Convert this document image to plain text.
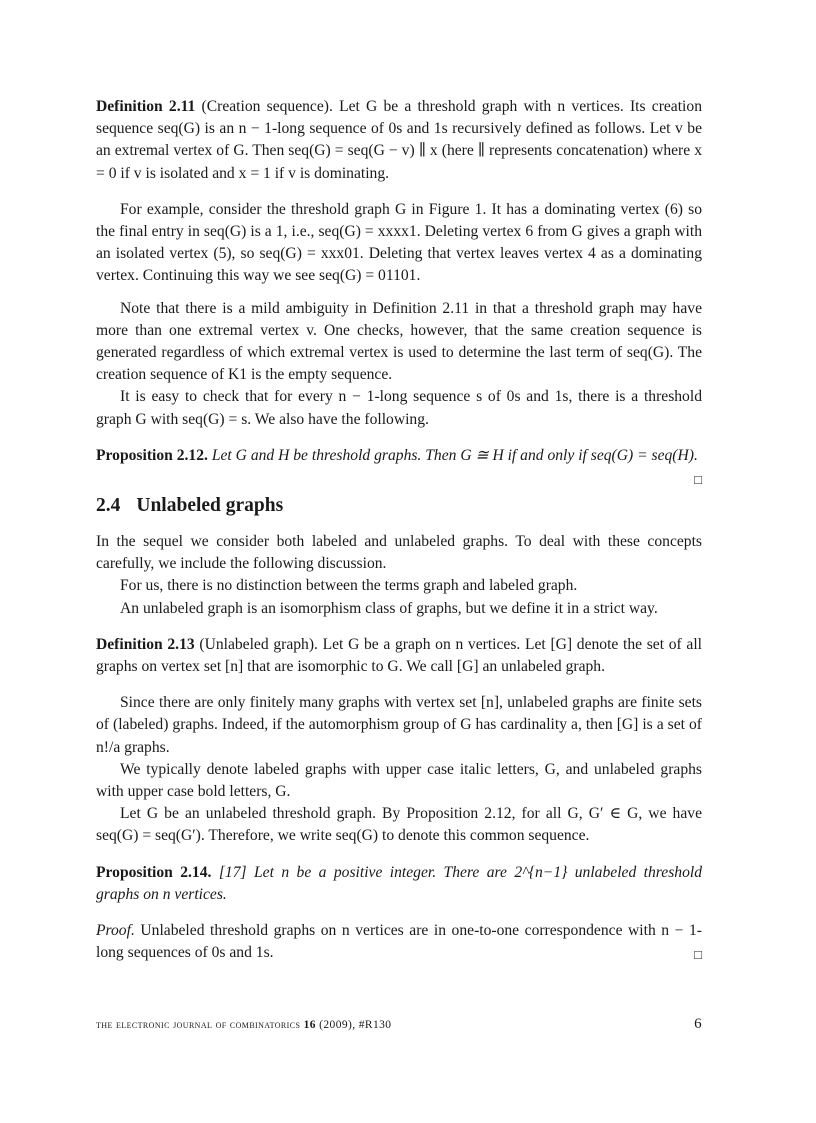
Definition 2.11 (Creation sequence). Let G be a threshold graph with n vertices. Its creation sequence seq(G) is an n − 1-long sequence of 0s and 1s recursively defined as follows. Let v be an extremal vertex of G. Then seq(G) = seq(G − v) ∥ x (here ∥ represents concatenation) where x = 0 if v is isolated and x = 1 if v is dominating.

For example, consider the threshold graph G in Figure 1. It has a dominating vertex (6) so the final entry in seq(G) is a 1, i.e., seq(G) = xxxx1. Deleting vertex 6 from G gives a graph with an isolated vertex (5), so seq(G) = xxx01. Deleting that vertex leaves vertex 4 as a dominating vertex. Continuing this way we see seq(G) = 01101.

Note that there is a mild ambiguity in Definition 2.11 in that a threshold graph may have more than one extremal vertex v. One checks, however, that the same creation sequence is generated regardless of which extremal vertex is used to determine the last term of seq(G). The creation sequence of K1 is the empty sequence.

It is easy to check that for every n − 1-long sequence s of 0s and 1s, there is a threshold graph G with seq(G) = s. We also have the following.

Proposition 2.12. Let G and H be threshold graphs. Then G ≅ H if and only if seq(G) = seq(H).
□

2.4 Unlabeled graphs

In the sequel we consider both labeled and unlabeled graphs. To deal with these concepts carefully, we include the following discussion.

For us, there is no distinction between the terms graph and labeled graph.

An unlabeled graph is an isomorphism class of graphs, but we define it in a strict way.

Definition 2.13 (Unlabeled graph). Let G be a graph on n vertices. Let [G] denote the set of all graphs on vertex set [n] that are isomorphic to G. We call [G] an unlabeled graph.

Since there are only finitely many graphs with vertex set [n], unlabeled graphs are finite sets of (labeled) graphs. Indeed, if the automorphism group of G has cardinality a, then [G] is a set of n!/a graphs.

We typically denote labeled graphs with upper case italic letters, G, and unlabeled graphs with upper case bold letters, G.

Let G be an unlabeled threshold graph. By Proposition 2.12, for all G, G′ ∈ G, we have seq(G) = seq(G′). Therefore, we write seq(G) to denote this common sequence.

Proposition 2.14. [17] Let n be a positive integer. There are 2^{n−1} unlabeled threshold graphs on n vertices.

Proof. Unlabeled threshold graphs on n vertices are in one-to-one correspondence with n − 1-long sequences of 0s and 1s.	□

the electronic journal of combinatorics 16 (2009), #R130	6
